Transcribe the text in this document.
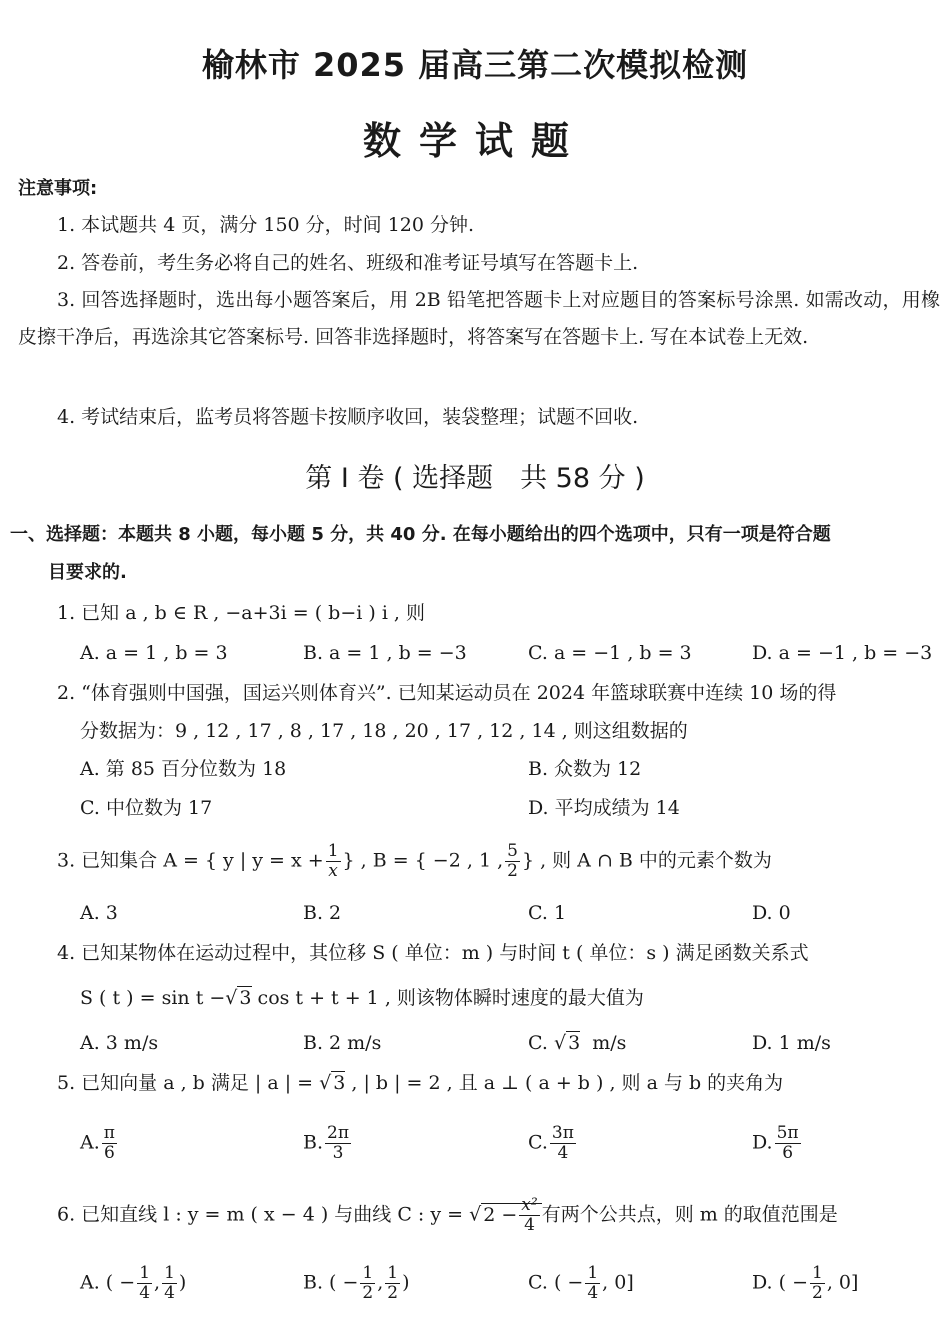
榆林市 2025 届高三第二次模拟检测
数学试题
注意事项:
1. 本试题共 4 页，满分 150 分，时间 120 分钟.
2. 答卷前，考生务必将自己的姓名、班级和准考证号填写在答题卡上.
3. 回答选择题时，选出每小题答案后，用 2B 铅笔把答题卡上对应题目的答案标号涂黑. 如需改动，用橡皮擦干净后，再选涂其它答案标号. 回答非选择题时，将答案写在答题卡上. 写在本试卷上无效.
4. 考试结束后，监考员将答题卡按顺序收回，装袋整理；试题不回收.
第 Ⅰ 卷 ( 选择题　共 58 分 )
一、选择题：本题共 8 小题，每小题 5 分，共 40 分. 在每小题给出的四个选项中，只有一项是符合题
目要求的.
1. 已知 a , b ∈ R , −a+3i = ( b−i ) i , 则
A. a = 1 , b = 3	B. a = 1 , b = −3	C. a = −1 , b = 3	D. a = −1 , b = −3
2. “体育强则中国强，国运兴则体育兴”. 已知某运动员在 2024 年篮球联赛中连续 10 场的得
分数据为：9 , 12 , 17 , 8 , 17 , 18 , 20 , 17 , 12 , 14 , 则这组数据的
A. 第 85 百分位数为 18	B. 众数为 12
C. 中位数为 17	D. 平均成绩为 14
3. 已知集合 A = { y | $y = x + \frac{1}{x}$ } , B = { −2 , 1 , $\frac{5}{2}$ } , 则 A ∩ B 中的元素个数为
A. 3	B. 2	C. 1	D. 0
4. 已知某物体在运动过程中，其位移 S ( 单位：m ) 与时间 t ( 单位：s ) 满足函数关系式
S ( t ) = sin t −√ 3 cos t + t + 1 , 则该物体瞬时速度的最大值为
A. 3 m/s	B. 2 m/s	C. √ 3 m/s	D. 1 m/s
5. 已知向量 a , b 满足 | a | = √ 3 , | b | = 2 , 且 a ⊥ ( a + b ) , 则 a 与 b 的夹角为
A. $\frac{\pi}{6}$	B. $\frac{2\pi}{3}$	C. $\frac{3\pi}{4}$	D. $\frac{5\pi}{6}$
6. 已知直线 l : y = m ( x − 4 ) 与曲线 C : y = √ $2 - \frac{\text{x²}}{4}$ 有两个公共点，则 m 的取值范围是
A. ( − $\frac{1}{4}$ , $\frac{1}{4}$ )	B. ( − $\frac{1}{2}$ , $\frac{1}{2}$ )	C. ( − $\frac{1}{4}$ , 0]	D. ( − $\frac{1}{2}$ , 0]
